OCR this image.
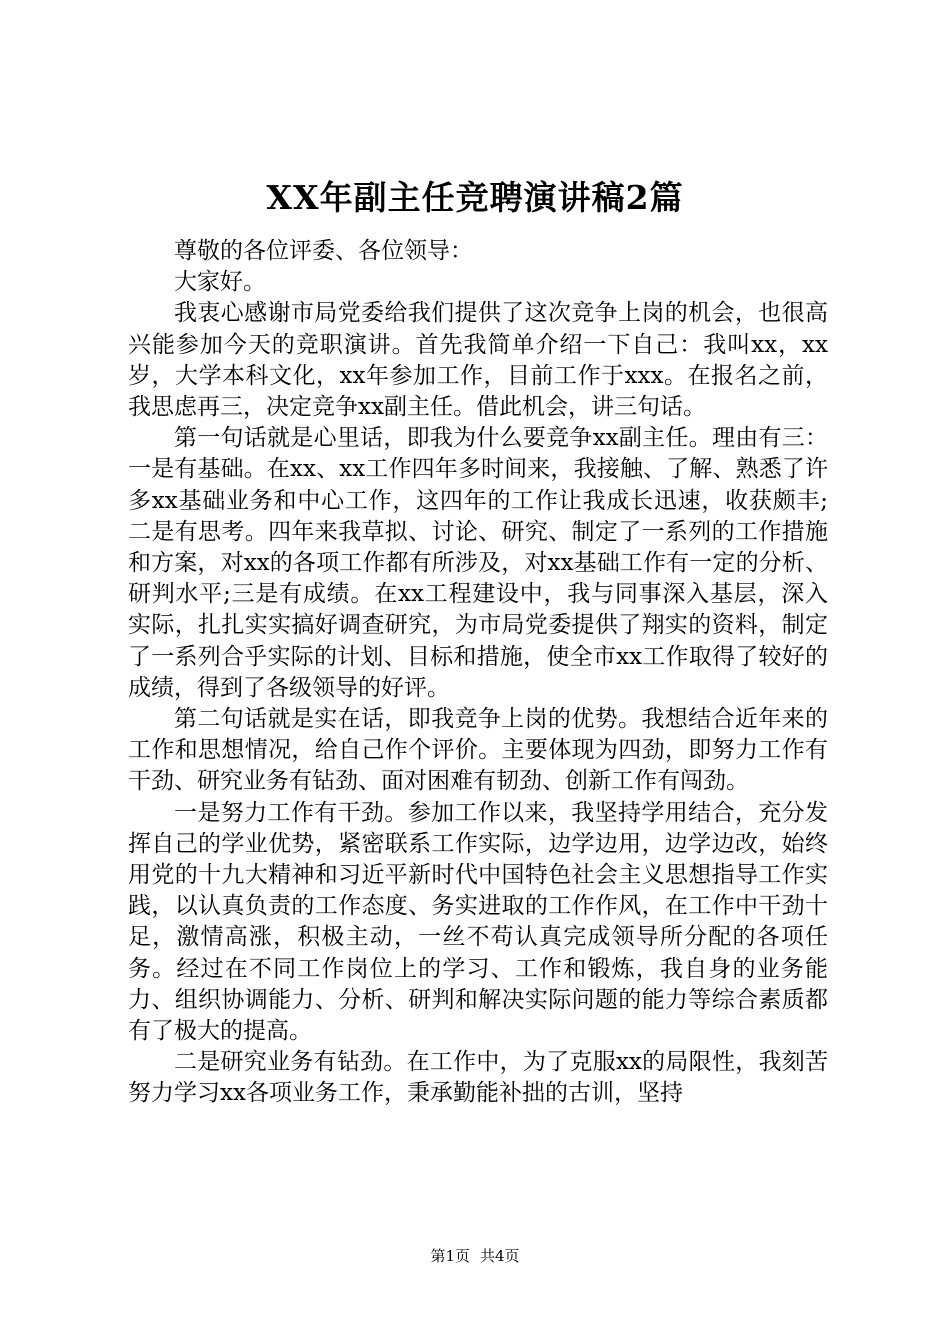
XX年副主任竞聘演讲稿2篇

尊敬的各位评委、各位领导：

大家好。

我衷心感谢市局党委给我们提供了这次竞争上岗的机会，也很高兴能参加今天的竞职演讲。首先我简单介绍一下自己：我叫xx，xx岁，大学本科文化，xx年参加工作，目前工作于xxx。在报名之前，我思虑再三，决定竞争xx副主任。借此机会，讲三句话。

第一句话就是心里话，即我为什么要竞争xx副主任。理由有三：一是有基础。在xx、xx工作四年多时间来，我接触、了解、熟悉了许多xx基础业务和中心工作，这四年的工作让我成长迅速，收获颇丰;二是有思考。四年来我草拟、讨论、研究、制定了一系列的工作措施和方案，对xx的各项工作都有所涉及，对xx基础工作有一定的分析、研判水平;三是有成绩。在xx工程建设中，我与同事深入基层，深入实际，扎扎实实搞好调查研究，为市局党委提供了翔实的资料，制定了一系列合乎实际的计划、目标和措施，使全市xx工作取得了较好的成绩，得到了各级领导的好评。

第二句话就是实在话，即我竞争上岗的优势。我想结合近年来的工作和思想情况，给自己作个评价。主要体现为四劲，即努力工作有干劲、研究业务有钻劲、面对困难有韧劲、创新工作有闯劲。

一是努力工作有干劲。参加工作以来，我坚持学用结合，充分发挥自己的学业优势，紧密联系工作实际，边学边用，边学边改，始终用党的十九大精神和习近平新时代中国特色社会主义思想指导工作实践，以认真负责的工作态度、务实进取的工作作风，在工作中干劲十足，激情高涨，积极主动，一丝不苟认真完成领导所分配的各项任务。经过在不同工作岗位上的学习、工作和锻炼，我自身的业务能力、组织协调能力、分析、研判和解决实际问题的能力等综合素质都有了极大的提高。

二是研究业务有钻劲。在工作中，为了克服xx的局限性，我刻苦努力学习xx各项业务工作，秉承勤能补拙的古训，坚持

第1页 共4页
